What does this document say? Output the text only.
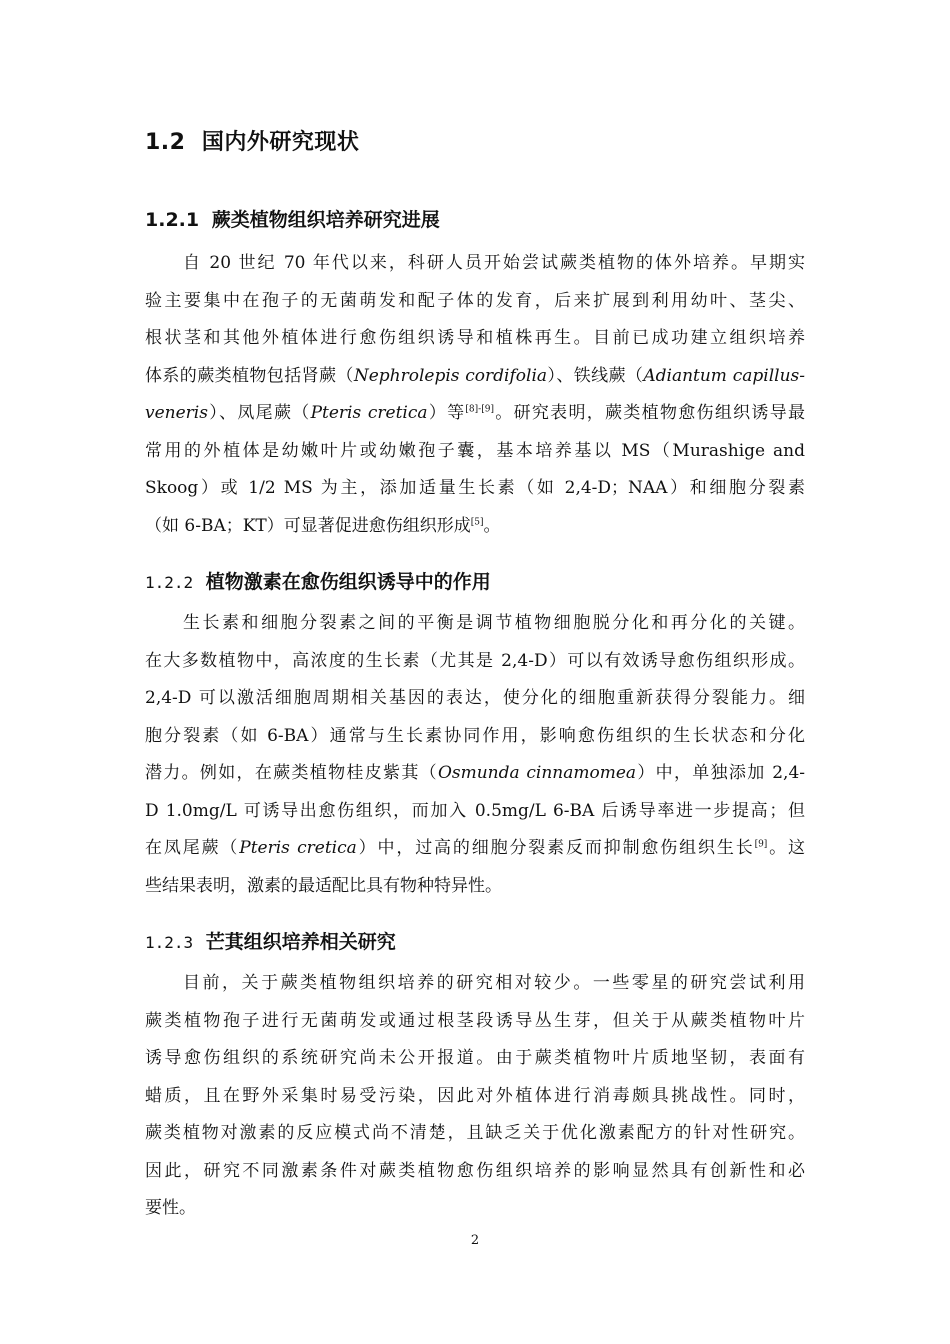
1.2 国内外研究现状
1.2.1 蕨类植物组织培养研究进展
自 20 世纪 70 年代以来，科研人员开始尝试蕨类植物的体外培养。早期实
验主要集中在孢子的无菌萌发和配子体的发育，后来扩展到利用幼叶、茎尖、
根状茎和其他外植体进行愈伤组织诱导和植株再生。目前已成功建立组织培养
体系的蕨类植物包括肾蕨（Nephrolepis cordifolia）、铁线蕨（Adiantum capillus-
veneris）、凤尾蕨（Pteris cretica）等[8]-[9]。研究表明，蕨类植物愈伤组织诱导最
常用的外植体是幼嫩叶片或幼嫩孢子囊，基本培养基以 MS（Murashige and
Skoog）或 1/2 MS 为主，添加适量生长素（如 2,4-D；NAA）和细胞分裂素
（如 6-BA；KT）可显著促进愈伤组织形成[5]。
1.2.2 植物激素在愈伤组织诱导中的作用
生长素和细胞分裂素之间的平衡是调节植物细胞脱分化和再分化的关键。
在大多数植物中，高浓度的生长素（尤其是 2,4-D）可以有效诱导愈伤组织形成。
2,4-D 可以激活细胞周期相关基因的表达，使分化的细胞重新获得分裂能力。细
胞分裂素（如 6-BA）通常与生长素协同作用，影响愈伤组织的生长状态和分化
潜力。例如，在蕨类植物桂皮紫萁（Osmunda cinnamomea）中，单独添加 2,4-
D 1.0mg/L 可诱导出愈伤组织，而加入 0.5mg/L 6-BA 后诱导率进一步提高；但
在凤尾蕨（Pteris cretica）中，过高的细胞分裂素反而抑制愈伤组织生长[9]。这
些结果表明，激素的最适配比具有物种特异性。
1.2.3 芒萁组织培养相关研究
目前，关于蕨类植物组织培养的研究相对较少。一些零星的研究尝试利用
蕨类植物孢子进行无菌萌发或通过根茎段诱导丛生芽，但关于从蕨类植物叶片
诱导愈伤组织的系统研究尚未公开报道。由于蕨类植物叶片质地坚韧，表面有
蜡质，且在野外采集时易受污染，因此对外植体进行消毒颇具挑战性。同时，
蕨类植物对激素的反应模式尚不清楚，且缺乏关于优化激素配方的针对性研究。
因此，研究不同激素条件对蕨类植物愈伤组织培养的影响显然具有创新性和必
要性。
2
